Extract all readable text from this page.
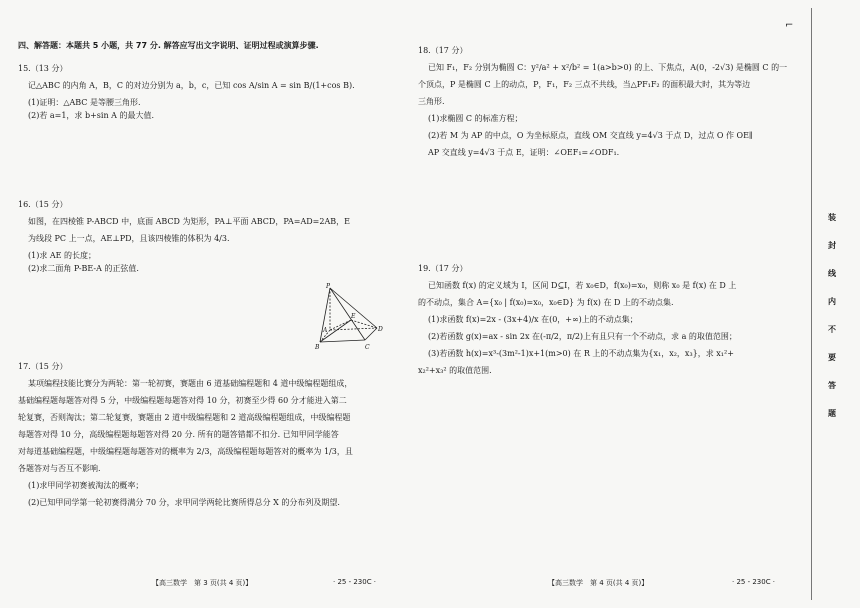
四、解答题：本题共 5 小题，共 77 分. 解答应写出文字说明、证明过程或演算步骤.

15.（13 分）

记△ABC 的内角 A，B，C 的对边分别为 a，b，c，已知 cos A/sin A = sin B/(1+cos B).

(1)证明：△ABC 是等腰三角形.

(2)若 a=1，求 b+sin A 的最大值.

16.（15 分）

如图，在四棱锥 P-ABCD 中，底面 ABCD 为矩形，PA⊥平面 ABCD，PA=AD=2AB，E

为线段 PC 上一点，AE⊥PD，且该四棱锥的体积为 4/3.

(1)求 AE 的长度；

(2)求二面角 P-BE-A 的正弦值.

17.（15 分）

某项编程技能比赛分为两轮：第一轮初赛，赛题由 6 道基础编程题和 4 道中级编程题组成，

基础编程题每题答对得 5 分，中级编程题每题答对得 10 分，初赛至少得 60 分才能进入第二

轮复赛，否则淘汰；第二轮复赛，赛题由 2 道中级编程题和 2 道高级编程题组成，中级编程题

每题答对得 10 分，高级编程题每题答对得 20 分. 所有的题答错都不扣分. 已知甲同学能答

对每道基础编程题，中级编程题每题答对的概率为 2/3，高级编程题每题答对的概率为 1/3，且

各题答对与否互不影响.

(1)求甲同学初赛被淘汰的概率；

(2)已知甲同学第一轮初赛得满分 70 分，求甲同学两轮比赛所得总分 X 的分布列及期望.

P
A
B	C
D
E

18.（17 分）

已知 F₁，F₂ 分别为椭圆 C：y²/a² + x²/b² = 1(a>b>0) 的上、下焦点，A(0，-2√3) 是椭圆 C 的一

个顶点，P 是椭圆 C 上的动点，P，F₁，F₂ 三点不共线，当△PF₁F₂ 的面积最大时，其为等边

三角形.

(1)求椭圆 C 的标准方程；

(2)若 M 为 AP 的中点，O 为坐标原点，直线 OM 交直线 y=4√3 于点 D，过点 O 作 OE∥

AP 交直线 y=4√3 于点 E，证明：∠OEF₁=∠ODF₁.

19.（17 分）

已知函数 f(x) 的定义域为 I，区间 D⊆I，若 x₀∈D，f(x₀)=x₀，则称 x₀ 是 f(x) 在 D 上

的不动点，集合 A={x₀ | f(x₀)=x₀，x₀∈D} 为 f(x) 在 D 上的不动点集.

(1)求函数 f(x)=2x - (3x+4)/x 在(0，+∞)上的不动点集；

(2)若函数 g(x)=ax - sin 2x 在(-π/2，π/2)上有且只有一个不动点，求 a 的取值范围；

(3)若函数 h(x)=x³-(3m²-1)x+1(m>0) 在 R 上的不动点集为{x₁，x₂，x₃}，求 x₁²+

x₂²+x₃² 的取值范围.

【高三数学　第 3 页(共 4 页)】	· 25 - 230C ·	【高三数学　第 4 页(共 4 页)】	· 25 - 230C ·
⌐
装
封
线
内
不
要
答
题
